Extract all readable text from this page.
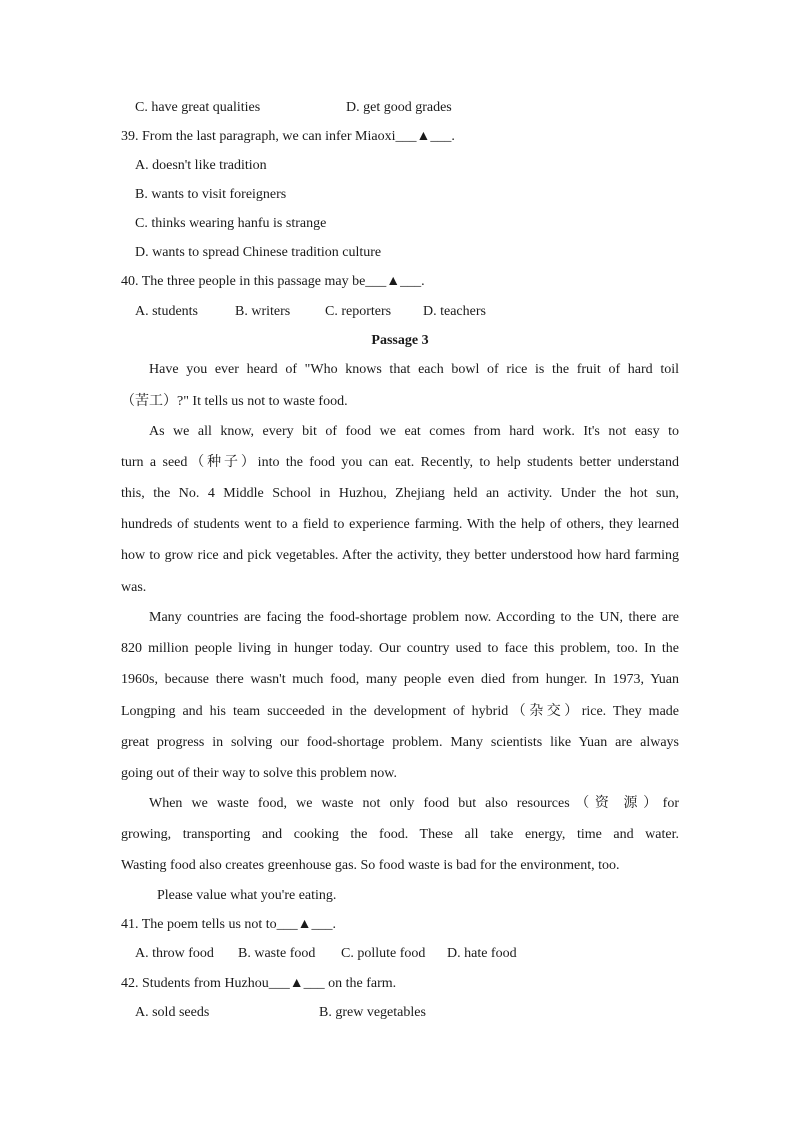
C. have great qualities	D. get good grades
39. From the last paragraph, we can infer Miaoxi___▲___.
A. doesn't like tradition
B. wants to visit foreigners
C. thinks wearing hanfu is strange
D. wants to spread Chinese tradition culture
40. The three people in this passage may be___▲___.
A. students	B. writers C. reporters D. teachers
Passage 3
Have you ever heard of "Who knows that each bowl of rice is the fruit of hard toil
（苦工）?" It tells us not to waste food.
As we all know, every bit of food we eat comes from hard work. It's not easy to
turn a seed（种子）into the food you can eat. Recently, to help students better understand
this, the No. 4 Middle School in Huzhou, Zhejiang held an activity. Under the hot sun,
hundreds of students went to a field to experience farming. With the help of others, they learned
how to grow rice and pick vegetables. After the activity, they better understood how hard farming
was.
Many countries are facing the food-shortage problem now. According to the UN, there are
820 million people living in hunger today. Our country used to face this problem, too. In the
1960s, because there wasn't much food, many people even died from hunger. In 1973, Yuan
Longping and his team succeeded in the development of hybrid（杂交）rice. They made
great progress in solving our food-shortage problem. Many scientists like Yuan are always
going out of their way to solve this problem now.
When we waste food, we waste not only food but also resources（资 源）for
growing, transporting and cooking the food. These all take energy, time and water.
Wasting food also creates greenhouse gas. So food waste is bad for the environment, too.
Please value what you're eating.
41. The poem tells us not to___▲___.
A. throw food B. waste food C. pollute food D. hate food
42. Students from Huzhou___▲___ on the farm.
A. sold seeds	B. grew vegetables
